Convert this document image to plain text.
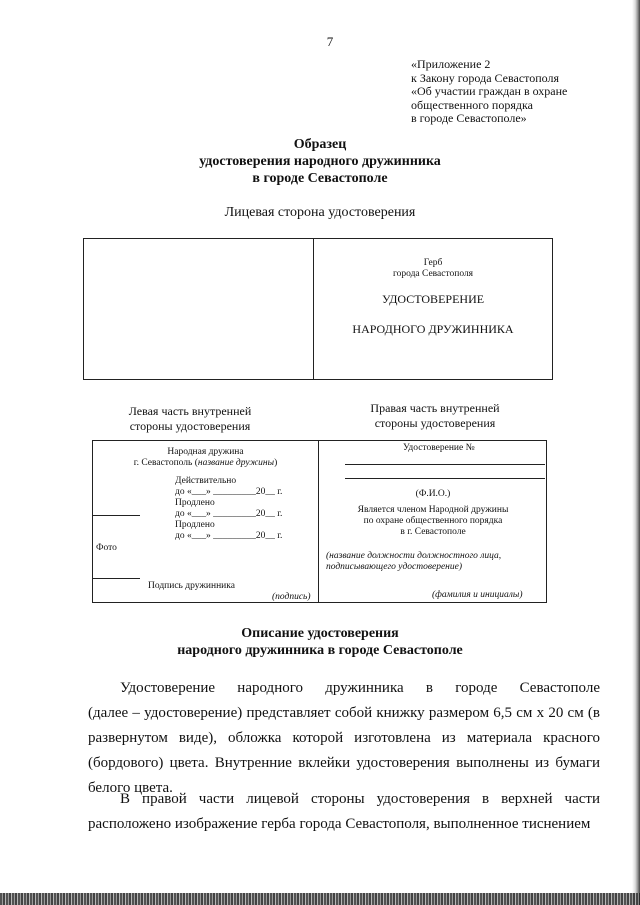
7
«Приложение 2
к Закону города Севастополя
«Об участии граждан в охране
общественного порядка
в городе Севастополе»
Образец
удостоверения народного дружинника
в городе Севастополе
Лицевая сторона удостоверения
Герб
города Севастополя
УДОСТОВЕРЕНИЕ
НАРОДНОГО ДРУЖИННИКА
Левая часть внутренней
стороны удостоверения
Правая часть внутренней
стороны удостоверения
Народная дружина
г. Севастополь (название дружины)
Действительно
до «___» _________20__ г.
Продлено
до «___» _________20__ г.
Продлено
до «___» _________20__ г.
Фото
Подпись дружинника
(подпись)
Удостоверение №
(Ф.И.О.)
Является членом Народной дружины
по охране общественного порядка
в г. Севастополе
(название должности должностного лица,
подписывающего удостоверение)
(фамилия и инициалы)
Описание удостоверения
народного дружинника в городе Севастополе
Удостоверение народного дружинника в городе Севастополе
(далее – удостоверение) представляет собой книжку размером 6,5 см х 20 см (в развернутом виде), обложка которой изготовлена из материала красного (бордового) цвета. Внутренние вклейки удостоверения выполнены из бумаги белого цвета.
В правой части лицевой стороны удостоверения в верхней части
расположено изображение герба города Севастополя, выполненное тиснением
